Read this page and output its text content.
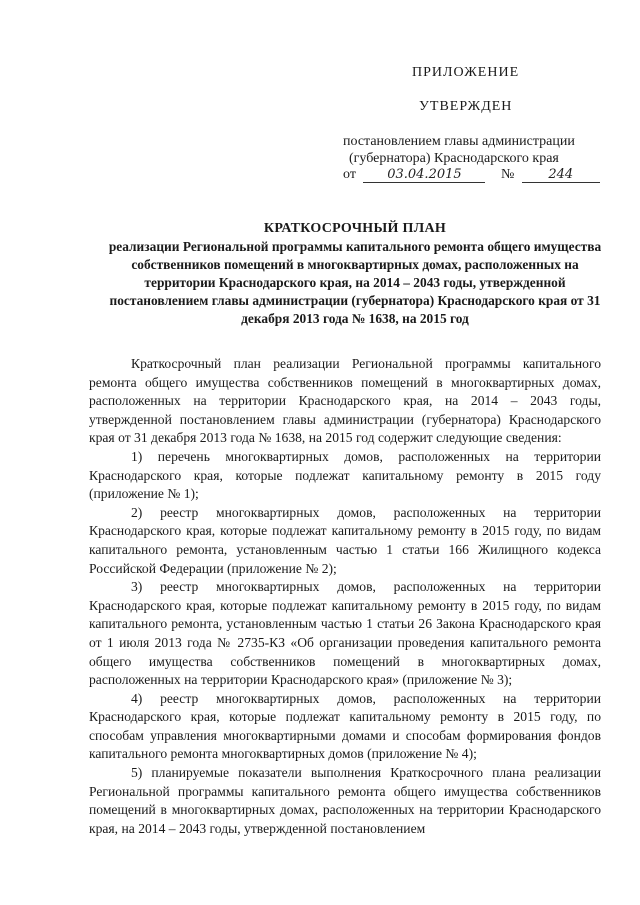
ПРИЛОЖЕНИЕ
УТВЕРЖДЕН
постановлением главы администрации
(губернатора) Краснодарского края
от 03.04.2015	№	244
КРАТКОСРОЧНЫЙ ПЛАН
реализации Региональной программы капитального ремонта общего имущества собственников помещений в многоквартирных домах, расположенных на территории Краснодарского края, на 2014 – 2043 годы, утвержденной постановлением главы администрации (губернатора) Краснодарского края от 31 декабря 2013 года № 1638, на 2015 год

Краткосрочный план реализации Региональной программы капитального ремонта общего имущества собственников помещений в многоквартирных домах, расположенных на территории Краснодарского края, на 2014 – 2043 годы, утвержденной постановлением главы администрации (губернатора) Краснодарского края от 31 декабря 2013 года № 1638, на 2015 год содержит следующие сведения:

1) перечень многоквартирных домов, расположенных на территории Краснодарского края, которые подлежат капитальному ремонту в 2015 году (приложение № 1);

2) реестр многоквартирных домов, расположенных на территории Краснодарского края, которые подлежат капитальному ремонту в 2015 году, по видам капитального ремонта, установленным частью 1 статьи 166 Жилищного кодекса Российской Федерации (приложение № 2);

3) реестр многоквартирных домов, расположенных на территории Краснодарского края, которые подлежат капитальному ремонту в 2015 году, по видам капитального ремонта, установленным частью 1 статьи 26 Закона Краснодарского края от 1 июля 2013 года № 2735-КЗ «Об организации проведения капитального ремонта общего имущества собственников помещений в многоквартирных домах, расположенных на территории Краснодарского края» (приложение № 3);

4) реестр многоквартирных домов, расположенных на территории Краснодарского края, которые подлежат капитальному ремонту в 2015 году, по способам управления многоквартирными домами и способам формирования фондов капитального ремонта многоквартирных домов (приложение № 4);

5) планируемые показатели выполнения Краткосрочного плана реализации Региональной программы капитального ремонта общего имущества собственников помещений в многоквартирных домах, расположенных на территории Краснодарского края, на 2014 – 2043 годы, утвержденной постановлением
